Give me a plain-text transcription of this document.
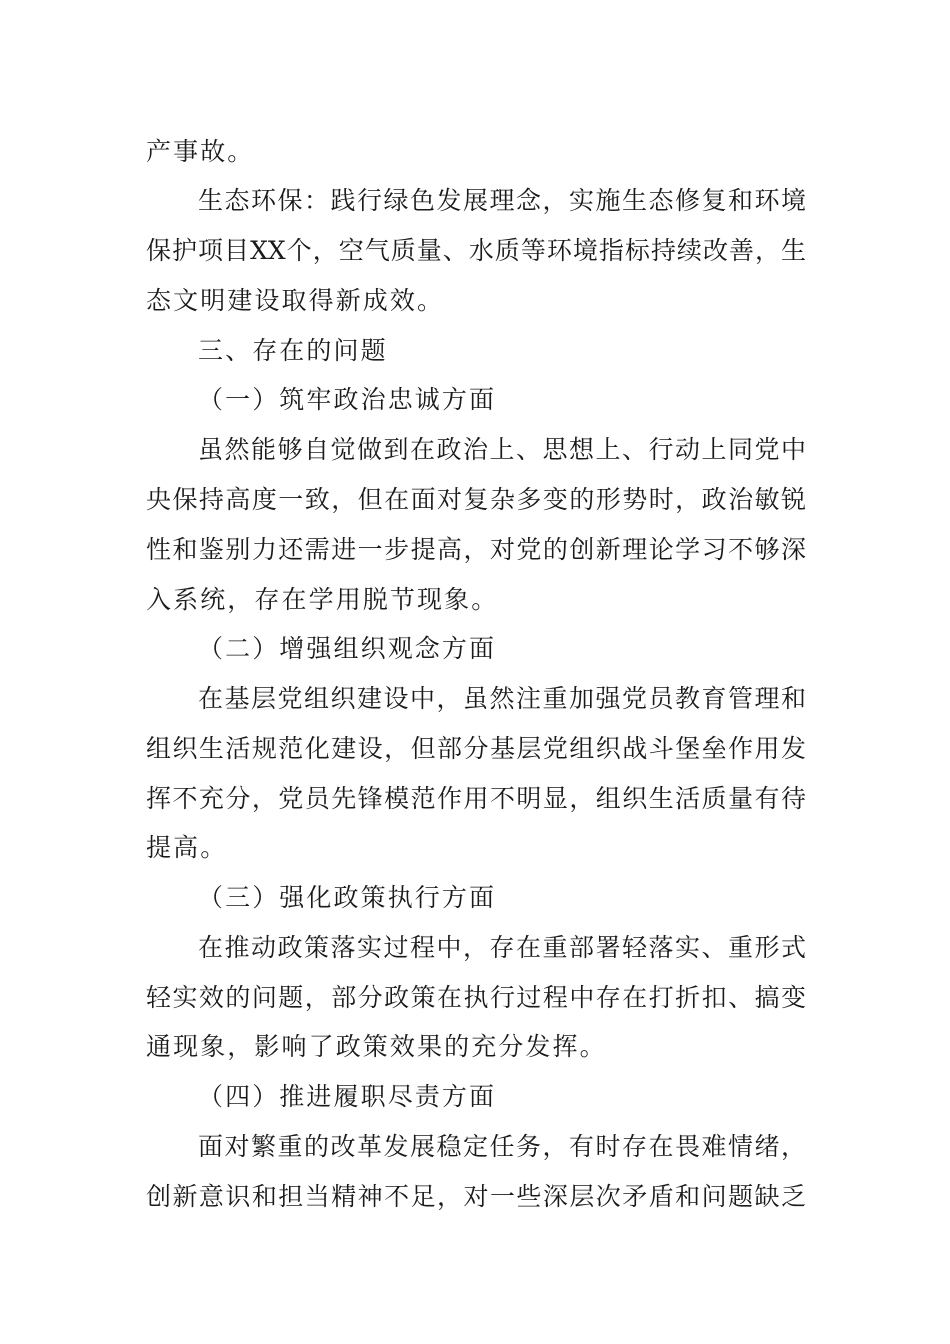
产事故。
生态环保：践行绿色发展理念，实施生态修复和环境
保护项目XX个，空气质量、水质等环境指标持续改善，生
态文明建设取得新成效。
三、存在的问题
（一）筑牢政治忠诚方面
虽然能够自觉做到在政治上、思想上、行动上同党中
央保持高度一致，但在面对复杂多变的形势时，政治敏锐
性和鉴别力还需进一步提高，对党的创新理论学习不够深
入系统，存在学用脱节现象。
（二）增强组织观念方面
在基层党组织建设中，虽然注重加强党员教育管理和
组织生活规范化建设，但部分基层党组织战斗堡垒作用发
挥不充分，党员先锋模范作用不明显，组织生活质量有待
提高。
（三）强化政策执行方面
在推动政策落实过程中，存在重部署轻落实、重形式
轻实效的问题，部分政策在执行过程中存在打折扣、搞变
通现象，影响了政策效果的充分发挥。
（四）推进履职尽责方面
面对繁重的改革发展稳定任务，有时存在畏难情绪，
创新意识和担当精神不足，对一些深层次矛盾和问题缺乏
